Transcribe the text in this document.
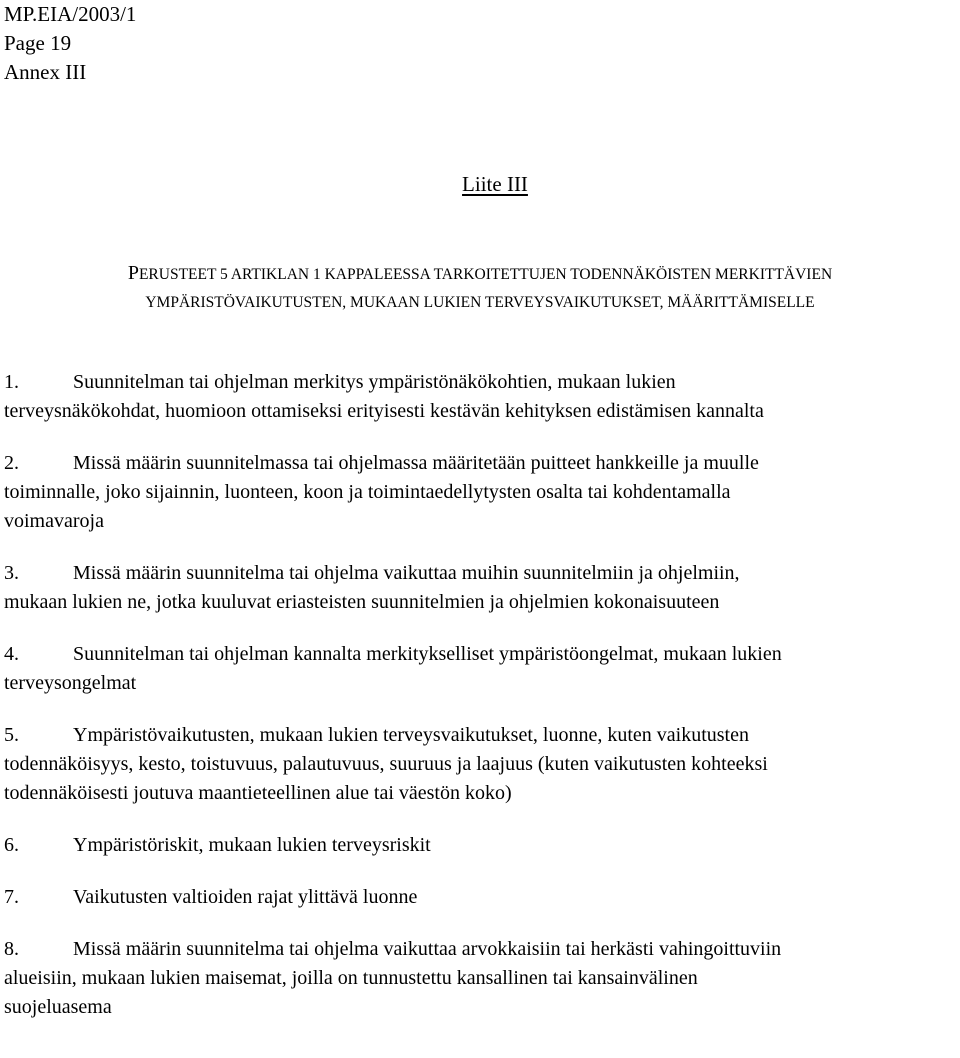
MP.EIA/2003/1
Page 19
Annex III
Liite III
PERUSTEET 5 ARTIKLAN 1 KAPPALEESSA TARKOITETTUJEN TODENNÄKÖISTEN MERKITTÄVIEN
YMPÄRISTÖVAIKUTUSTEN, MUKAAN LUKIEN TERVEYSVAIKUTUKSET, MÄÄRITTÄMISELLE
1.	Suunnitelman tai ohjelman merkitys ympäristönäkökohtien, mukaan lukien
terveysnäkökohdat, huomioon ottamiseksi erityisesti kestävän kehityksen edistämisen kannalta
2.	Missä määrin suunnitelmassa tai ohjelmassa määritetään puitteet hankkeille ja muulle
toiminnalle, joko sijainnin, luonteen, koon ja toimintaedellytysten osalta tai kohdentamalla
voimavaroja
3.	Missä määrin suunnitelma tai ohjelma vaikuttaa muihin suunnitelmiin ja ohjelmiin,
mukaan lukien ne, jotka kuuluvat eriasteisten suunnitelmien ja ohjelmien kokonaisuuteen
4.	Suunnitelman tai ohjelman kannalta merkitykselliset ympäristöongelmat, mukaan lukien
terveysongelmat
5.	Ympäristövaikutusten, mukaan lukien terveysvaikutukset, luonne, kuten vaikutusten
todennäköisyys, kesto, toistuvuus, palautuvuus, suuruus ja laajuus (kuten vaikutusten kohteeksi
todennäköisesti joutuva maantieteellinen alue tai väestön koko)
6.	Ympäristöriskit, mukaan lukien terveysriskit
7.	Vaikutusten valtioiden rajat ylittävä luonne
8.	Missä määrin suunnitelma tai ohjelma vaikuttaa arvokkaisiin tai herkästi vahingoittuviin
alueisiin, mukaan lukien maisemat, joilla on tunnustettu kansallinen tai kansainvälinen
suojeluasema
